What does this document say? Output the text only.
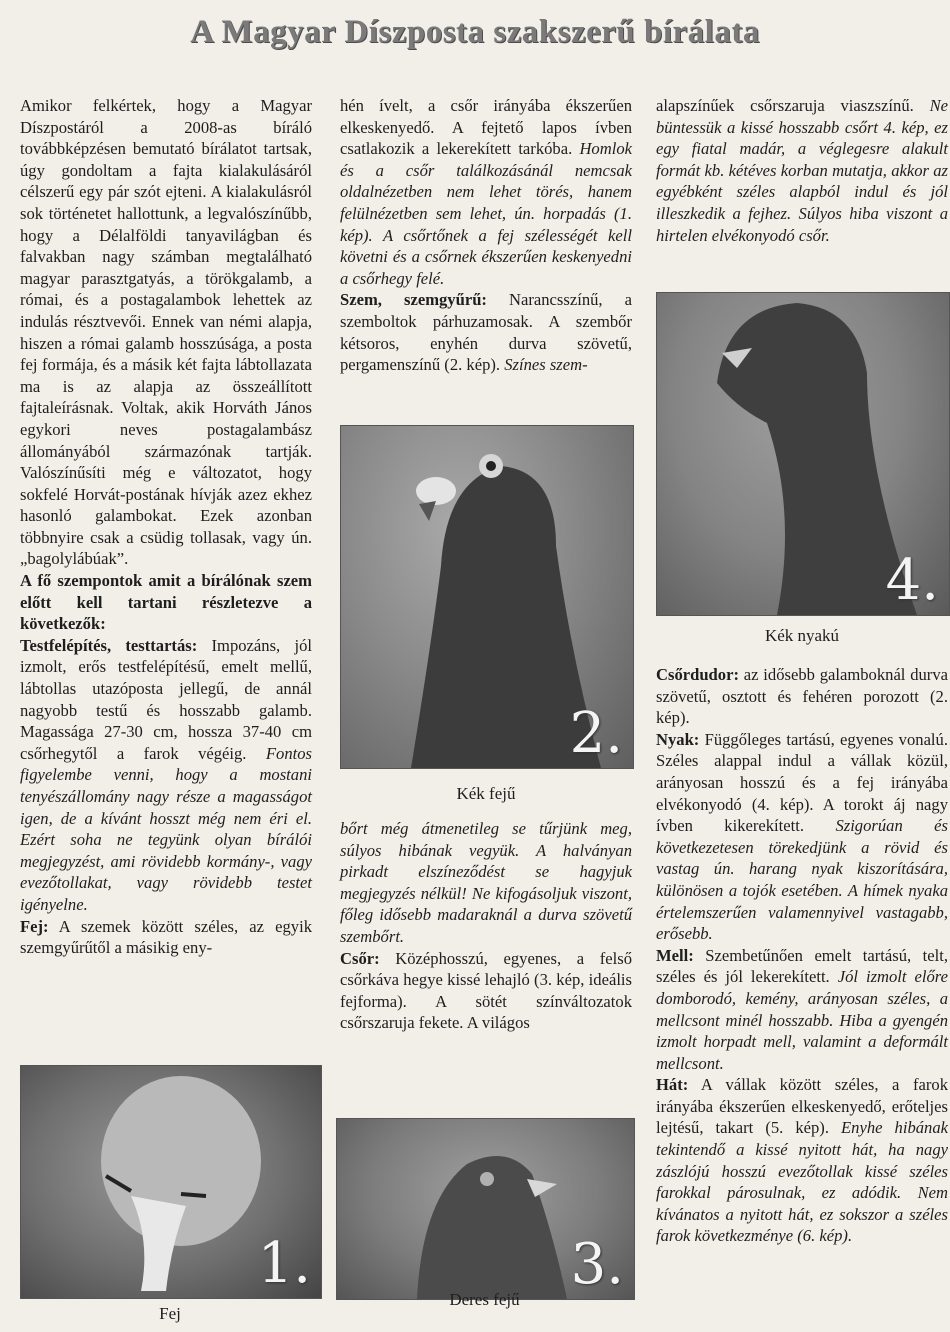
A Magyar Díszposta szakszerű bírálata

Amikor felkértek, hogy a Magyar Díszpostáról a 2008-as bíráló továbbképzésen bemutató bírálatot tartsak, úgy gondoltam a fajta kialakulásáról célszerű egy pár szót ejteni. A kialakulásról sok történetet hallottunk, a legvalószínűbb, hogy a Délalföldi tanyavilágban és falvakban nagy számban megtalálható magyar parasztgatyás, a törökgalamb, a római, és a postagalambok lehettek az indulás résztvevői. Ennek van némi alapja, hiszen a római galamb hosszúsága, a posta fej formája, és a másik két fajta lábtollazata ma is az alapja az összeállított fajtaleírásnak. Voltak, akik Horváth János egykori neves postagalambász állományából származónak tartják. Valószínűsíti még e változatot, hogy sokfelé Horvát-postának hívják azez ekhez hasonló galambokat. Ezek azonban többnyire csak a csüdig tollasak, vagy ún. „bagolylábúak”.

A fő szempontok amit a bírálónak szem előtt kell tartani részletezve a következők:

Testfelépítés, testtartás: Impozáns, jól izmolt, erős testfelépítésű, emelt mellű, lábtollas utazóposta jellegű, de annál nagyobb testű és hosszabb galamb. Magassága 27-30 cm, hossza 37-40 cm csőrhegytől a farok végéig. Fontos figyelembe venni, hogy a mostani tenyészállomány nagy része a magasságot igen, de a kívánt hosszt még nem éri el. Ezért soha ne tegyünk olyan bírálói megjegyzést, ami rövidebb kormány-, vagy evezőtollakat, vagy rövidebb testet igényelne.

Fej: A szemek között széles, az egyik szemgyűrűtől a másikig eny-

hén ívelt, a csőr irányába ékszerűen elkeskenyedő. A fejtető lapos ívben csatlakozik a lekerekített tarkóba. Homlok és a csőr találkozásánál nemcsak oldalnézetben nem lehet törés, hanem felülnézetben sem lehet, ún. horpadás (1. kép). A csőrtőnek a fej szélességét kell követni és a csőrnek ékszerűen keskenyedni a csőrhegy felé.

Szem, szemgyűrű: Narancsszínű, a szemboltok párhuzamosak. A szembőr kétsoros, enyhén durva szövetű, pergamenszínű (2. kép). Színes szem-

bőrt még átmenetileg se tűrjünk meg, súlyos hibának vegyük. A halványan pirkadt elszíneződést se hagyjuk megjegyzés nélkül! Ne kifogásoljuk viszont, főleg idősebb madaraknál a durva szövetű szembőrt.

Csőr: Középhosszú, egyenes, a felső csőrkáva hegye kissé lehajló (3. kép, ideális fejforma). A sötét színváltozatok csőrszaruja fekete. A világos

alapszínűek csőrszaruja viaszszínű. Ne büntessük a kissé hosszabb csőrt 4. kép, ez egy fiatal madár, a véglegesre alakult formát kb. kétéves korban mutatja, akkor az egyébként széles alapból indul és jól illeszkedik a fejhez. Súlyos hiba viszont a hirtelen elvékonyodó csőr.

Csőrdudor: az idősebb galamboknál durva szövetű, osztott és fehéren porozott (2. kép).

Nyak: Függőleges tartású, egyenes vonalú. Széles alappal indul a vállak közül, arányosan hosszú és a fej irányába elvékonyodó (4. kép). A torokt áj nagy ívben kikerekített. Szigorúan és következetesen törekedjünk a rövid és vastag ún. harang nyak kiszorítására, különösen a tojók esetében. A hímek nyaka értelemszerűen valamennyivel vastagabb, erősebb.

Mell: Szembetűnően emelt tartású, telt, széles és jól lekerekített. Jól izmolt előre domborodó, kemény, arányosan széles, a mellcsont minél hosszabb. Hiba a gyengén izmolt horpadt mell, valamint a deformált mellcsont.

Hát: A vállak között széles, a farok irányába ékszerűen elkeskenyedő, erőteljes lejtésű, takart (5. kép). Enyhe hibának tekintendő a kissé nyitott hát, ha nagy zászlójú hosszú evezőtollak kissé széles farokkal párosulnak, ez adódik. Nem kívánatos a nyitott hát, ez sokszor a széles farok következménye (6. kép).

1.
Fej
2.
Kék fejű
3.
Deres fejű
4.
Kék nyakú
